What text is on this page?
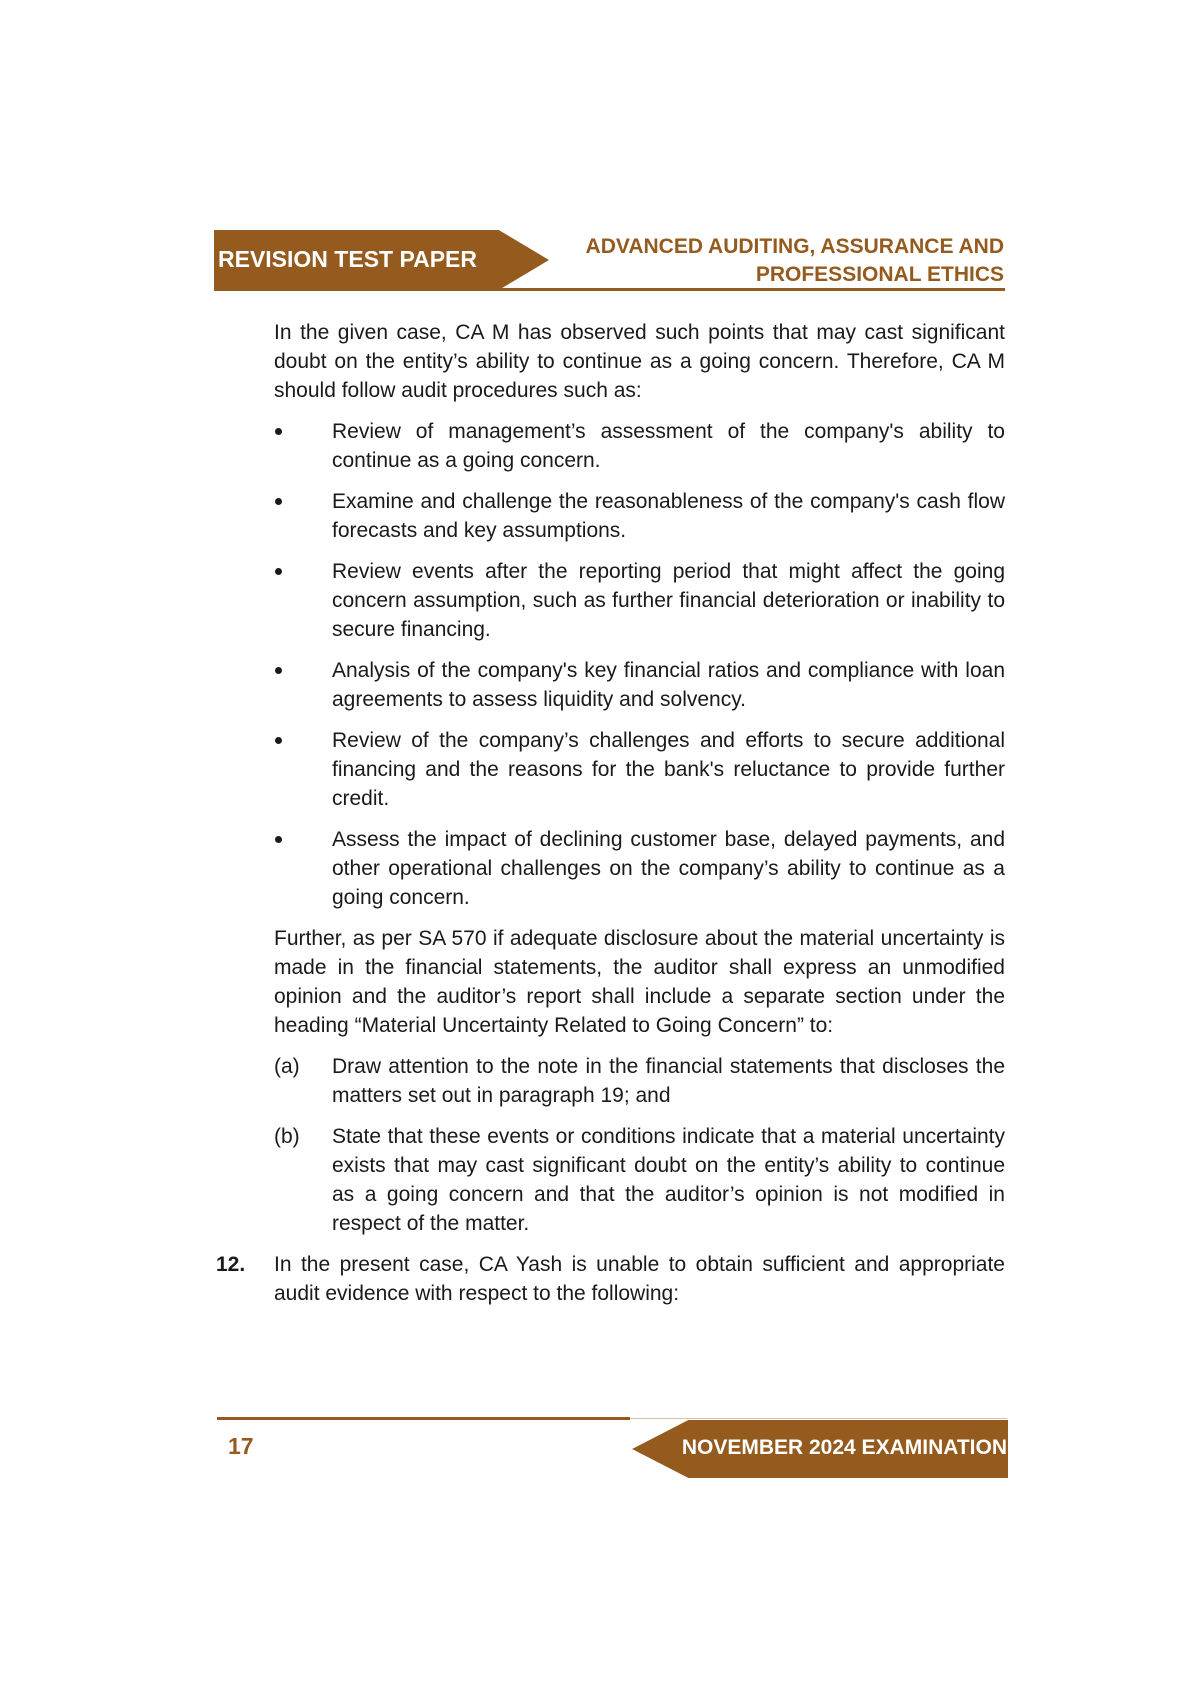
REVISION TEST PAPER	ADVANCED AUDITING, ASSURANCE AND
PROFESSIONAL ETHICS

In the given case, CA M has observed such points that may cast significant doubt on the entity’s ability to continue as a going concern. Therefore, CA M should follow audit procedures such as:

Review of management’s assessment of the company's ability to continue as a going concern.
Examine and challenge the reasonableness of the company's cash flow forecasts and key assumptions.
Review events after the reporting period that might affect the going concern assumption, such as further financial deterioration or inability to secure financing.
Analysis of the company's key financial ratios and compliance with loan agreements to assess liquidity and solvency.
Review of the company’s challenges and efforts to secure additional financing and the reasons for the bank's reluctance to provide further credit.
Assess the impact of declining customer base, delayed payments, and other operational challenges on the company’s ability to continue as a going concern.

Further, as per SA 570 if adequate disclosure about the material uncertainty is made in the financial statements, the auditor shall express an unmodified opinion and the auditor’s report shall include a separate section under the heading “Material Uncertainty Related to Going Concern” to:

(a) Draw attention to the note in the financial statements that discloses the matters set out in paragraph 19; and
(b) State that these events or conditions indicate that a material uncertainty exists that may cast significant doubt on the entity’s ability to continue as a going concern and that the auditor’s opinion is not modified in respect of the matter.
12. In the present case, CA Yash is unable to obtain sufficient and appropriate audit evidence with respect to the following:
17	NOVEMBER 2024 EXAMINATION
